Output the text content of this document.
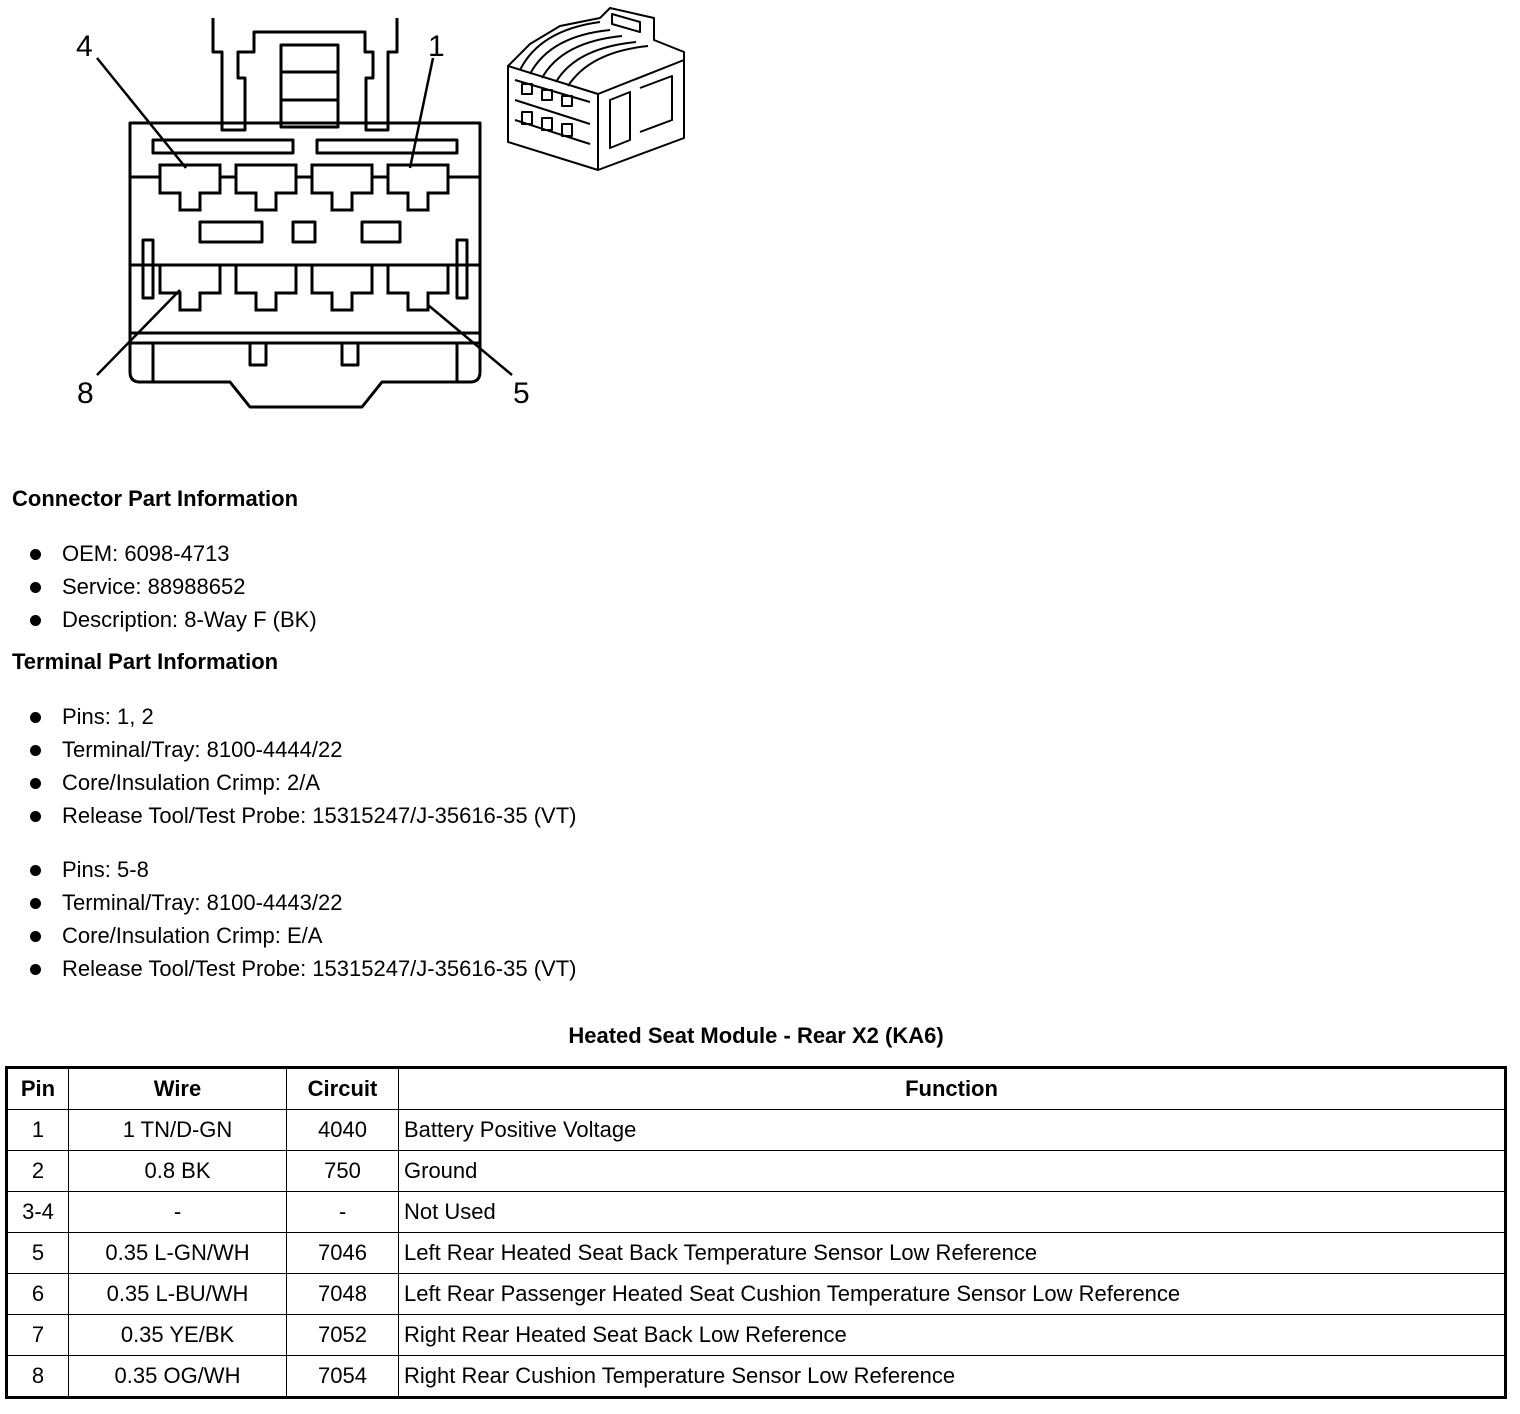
4	1
8	5
Connector Part Information
OEM: 6098-4713
Service: 88988652
Description: 8-Way F (BK)
Terminal Part Information
Pins: 1, 2
Terminal/Tray: 8100-4444/22
Core/Insulation Crimp: 2/A
Release Tool/Test Probe: 15315247/J-35616-35 (VT)
Pins: 5-8
Terminal/Tray: 8100-4443/22
Core/Insulation Crimp: E/A
Release Tool/Test Probe: 15315247/J-35616-35 (VT)
Heated Seat Module - Rear X2 (KA6)
Pin	Wire	Circuit	Function
1	1 TN/D-GN	4040	Battery Positive Voltage
2	0.8 BK	750	Ground
3-4	-	-	Not Used
5	0.35 L-GN/WH	7046	Left Rear Heated Seat Back Temperature Sensor Low Reference
6	0.35 L-BU/WH	7048	Left Rear Passenger Heated Seat Cushion Temperature Sensor Low Reference
7	0.35 YE/BK	7052	Right Rear Heated Seat Back Low Reference
8	0.35 OG/WH	7054	Right Rear Cushion Temperature Sensor Low Reference
